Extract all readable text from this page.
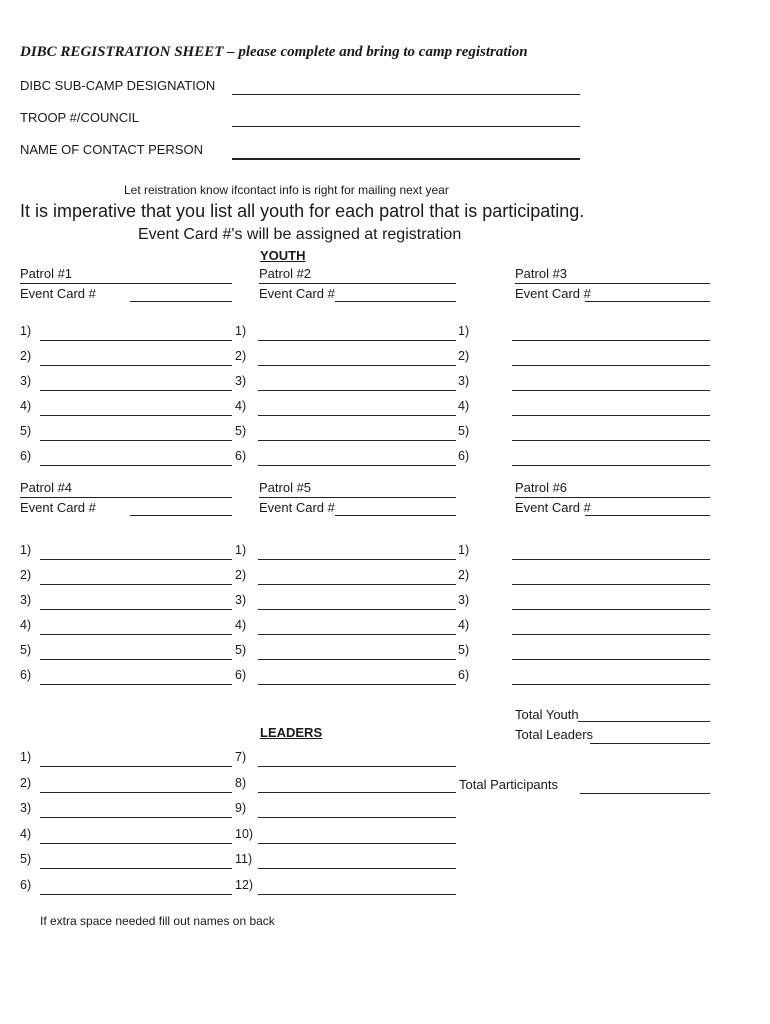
DIBC REGISTRATION SHEET – please complete and bring to camp registration
DIBC SUB-CAMP DESIGNATION
TROOP #/COUNCIL
NAME OF CONTACT PERSON
Let reistration know ifcontact info is right for mailing next year
It is imperative that you list all youth for each patrol that is participating.
Event Card #'s will be assigned at registration
YOUTH
Patrol #1
Event Card #
Patrol #2
Event Card #
Patrol #3
Event Card #
Patrol #4
Event Card #
Patrol #5
Event Card #
Patrol #6
Event Card #
1)	1)	1)
2)	2)	2)
3)	3)	3)
4)	4)	4)
5)	5)	5)
6)	6)	6)
1)	1)	1)
2)	2)	2)
3)	3)	3)
4)	4)	4)
5)	5)	5)
6)	6)	6)
LEADERS
Total Youth
Total Leaders
Total Participants
1)	7)
2)	8)
3)	9)
4)	10)
5)	11)
6)	12)
If extra space needed fill out names on back
